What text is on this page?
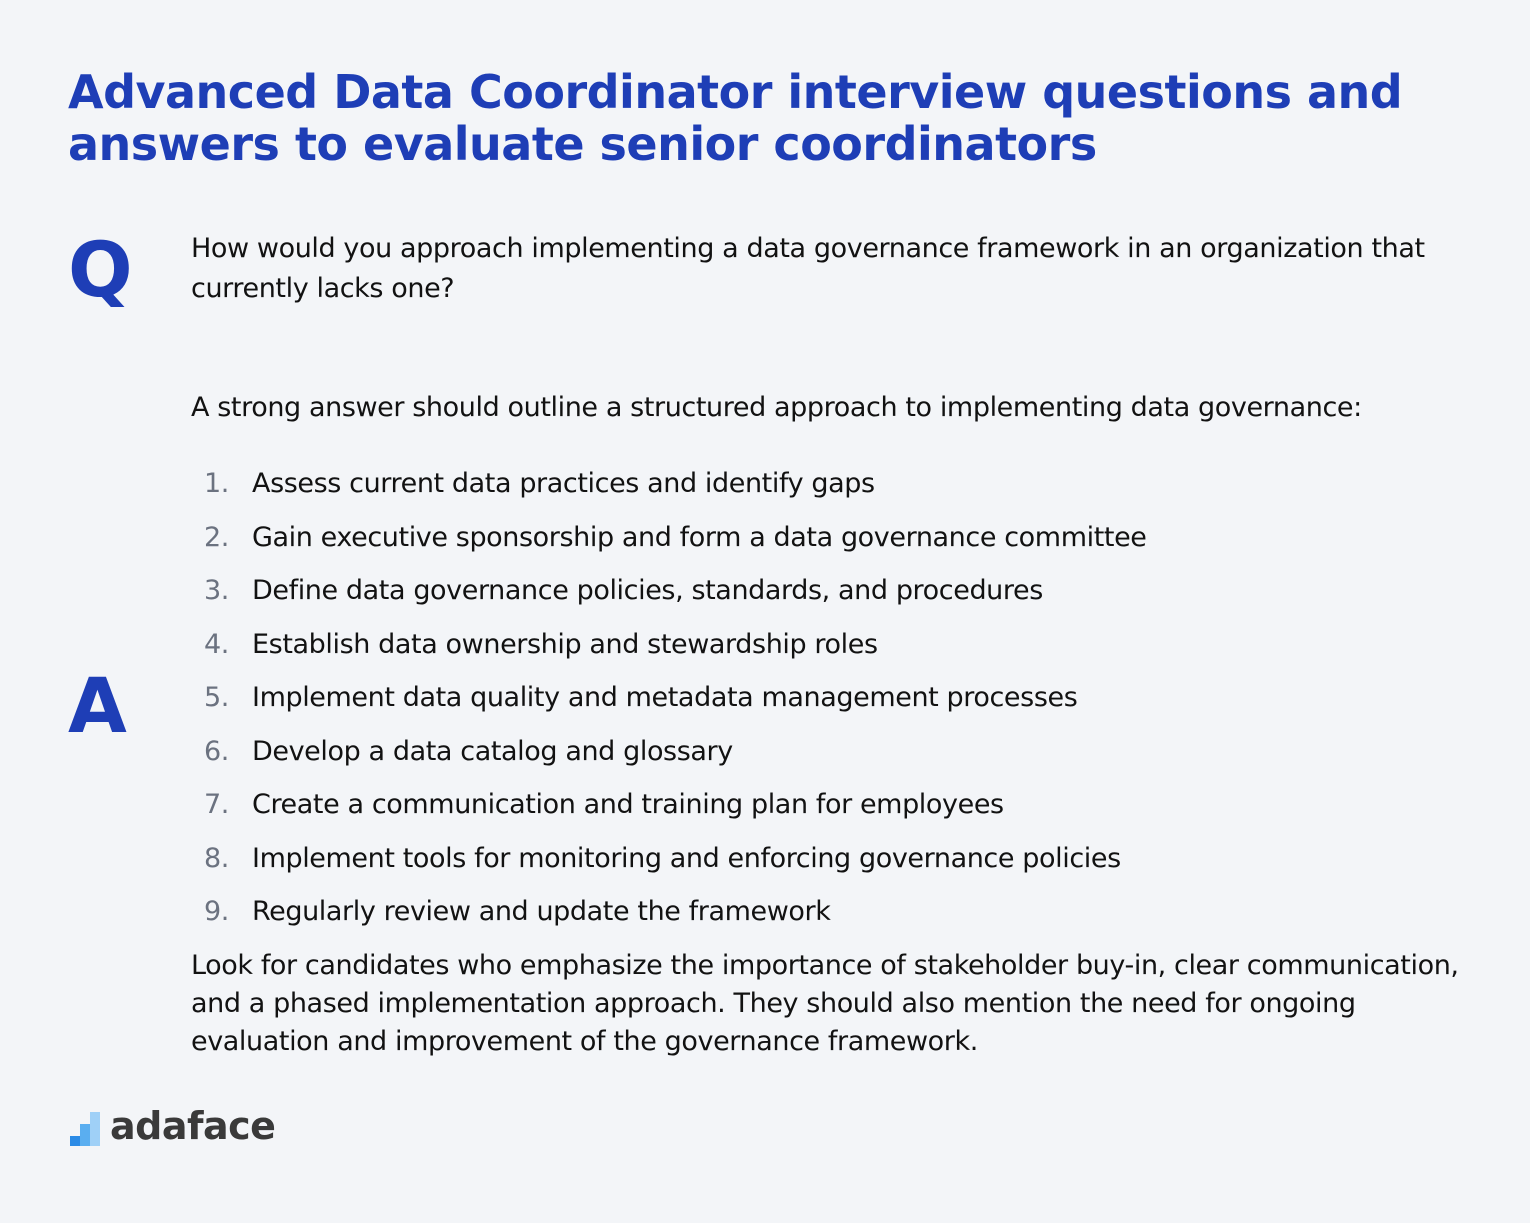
Advanced Data Coordinator interview questions and answers to evaluate senior coordinators
Q How would you approach implementing a data governance framework in an organization that currently lacks one?
A
A strong answer should outline a structured approach to implementing data governance:
1. Assess current data practices and identify gaps
2. Gain executive sponsorship and form a data governance committee
3. Define data governance policies, standards, and procedures
4. Establish data ownership and stewardship roles
5. Implement data quality and metadata management processes
6. Develop a data catalog and glossary
7. Create a communication and training plan for employees
8. Implement tools for monitoring and enforcing governance policies
9. Regularly review and update the framework
Look for candidates who emphasize the importance of stakeholder buy-in, clear communication, and a phased implementation approach. They should also mention the need for ongoing evaluation and improvement of the governance framework.
adaface
